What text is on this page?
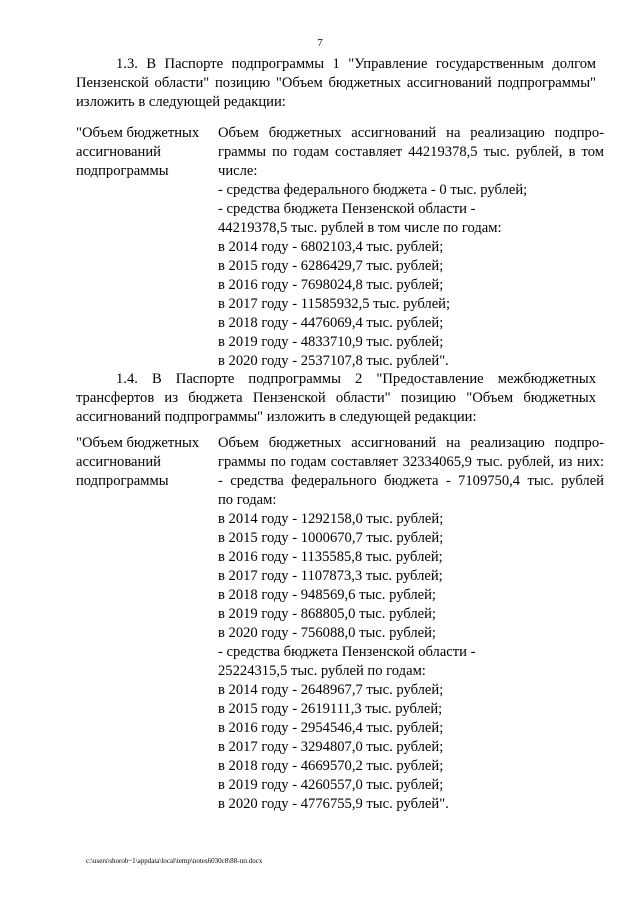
7

1.3. В Паспорте подпрограммы 1 "Управление государственным долгом Пензенской области" позицию "Объем бюджетных ассигнований подпрограммы" изложить в следующей редакции:

"Объем бюджетных
ассигнований
подпрограммы
Объем бюджетных ассигнований на реализацию подпро-
граммы по годам составляет 44219378,5 тыс. рублей, в том
числе:
- средства федерального бюджета - 0 тыс. рублей;
- средства бюджета Пензенской области -
44219378,5 тыс. рублей в том числе по годам:
в 2014 году - 6802103,4 тыс. рублей;
в 2015 году - 6286429,7 тыс. рублей;
в 2016 году - 7698024,8 тыс. рублей;
в 2017 году - 11585932,5 тыс. рублей;
в 2018 году - 4476069,4 тыс. рублей;
в 2019 году - 4833710,9 тыс. рублей;
в 2020 году - 2537107,8 тыс. рублей".

1.4. В Паспорте подпрограммы 2 "Предоставление межбюджетных трансфертов из бюджета Пензенской области" позицию "Объем бюджетных ассигнований подпрограммы" изложить в следующей редакции:

"Объем бюджетных
ассигнований
подпрограммы
Объем бюджетных ассигнований на реализацию подпро-
граммы по годам составляет 32334065,9 тыс. рублей, из них:
- средства федерального бюджета - 7109750,4 тыс. рублей
по годам:
в 2014 году - 1292158,0 тыс. рублей;
в 2015 году - 1000670,7 тыс. рублей;
в 2016 году - 1135585,8 тыс. рублей;
в 2017 году - 1107873,3 тыс. рублей;
в 2018 году - 948569,6 тыс. рублей;
в 2019 году - 868805,0 тыс. рублей;
в 2020 году - 756088,0 тыс. рублей;
- средства бюджета Пензенской области -
25224315,5 тыс. рублей по годам:
в 2014 году - 2648967,7 тыс. рублей;
в 2015 году - 2619111,3 тыс. рублей;
в 2016 году - 2954546,4 тыс. рублей;
в 2017 году - 3294807,0 тыс. рублей;
в 2018 году - 4669570,2 тыс. рублей;
в 2019 году - 4260557,0 тыс. рублей;
в 2020 году - 4776755,9 тыс. рублей".
c:\users\shorob~1\appdata\local\temp\notes6030c8\88-пп.docx
